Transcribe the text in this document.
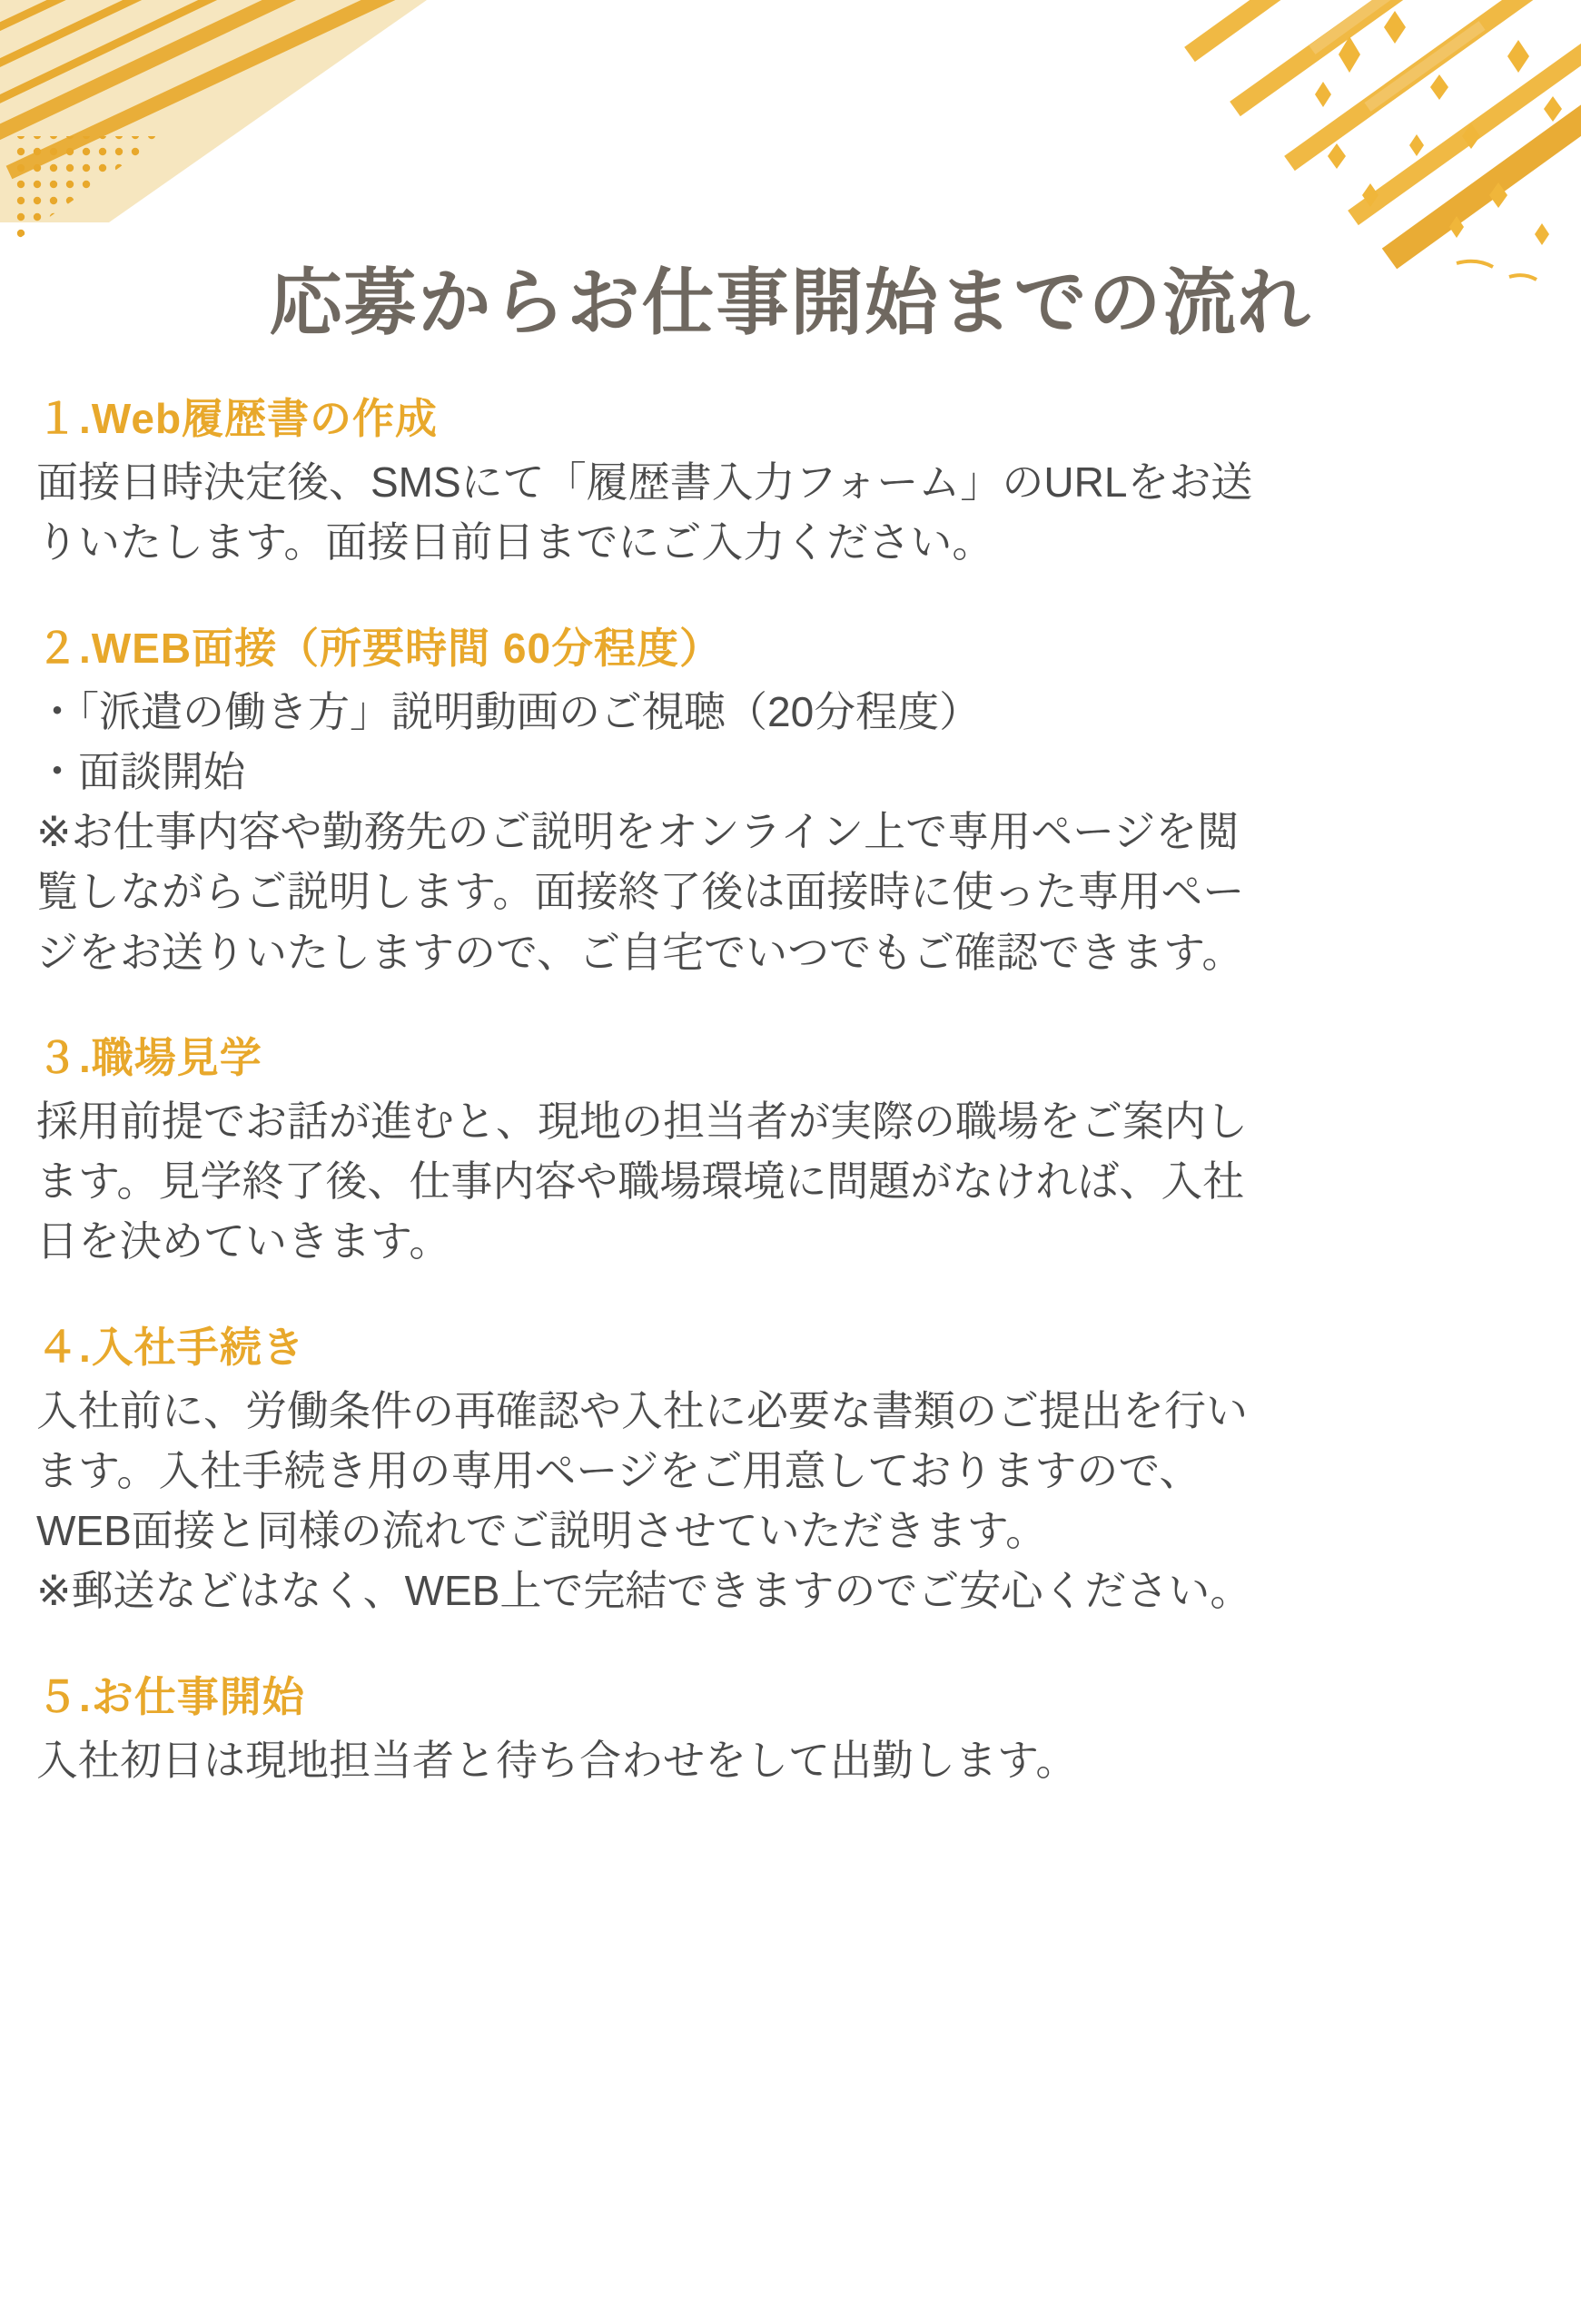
応募からお仕事開始までの流れ
１.Web履歴書の作成

面接日時決定後、SMSにて「履歴書入力フォーム」のURLをお送
りいたします。面接日前日までにご入力ください。

２.WEB面接（所要時間 60分程度）

・「派遣の働き方」説明動画のご視聴（20分程度）
・面談開始
※お仕事内容や勤務先のご説明をオンライン上で専用ページを閲
覧しながらご説明します。面接終了後は面接時に使った専用ペー
ジをお送りいたしますので、ご自宅でいつでもご確認できます。

３.職場見学

採用前提でお話が進むと、現地の担当者が実際の職場をご案内し
ます。見学終了後、仕事内容や職場環境に問題がなければ、入社
日を決めていきます。

４.入社手続き

入社前に、労働条件の再確認や入社に必要な書類のご提出を行い
ます。入社手続き用の専用ページをご用意しておりますので、
WEB面接と同様の流れでご説明させていただきます。
※郵送などはなく、WEB上で完結できますのでご安心ください。

５.お仕事開始

入社初日は現地担当者と待ち合わせをして出勤します。
